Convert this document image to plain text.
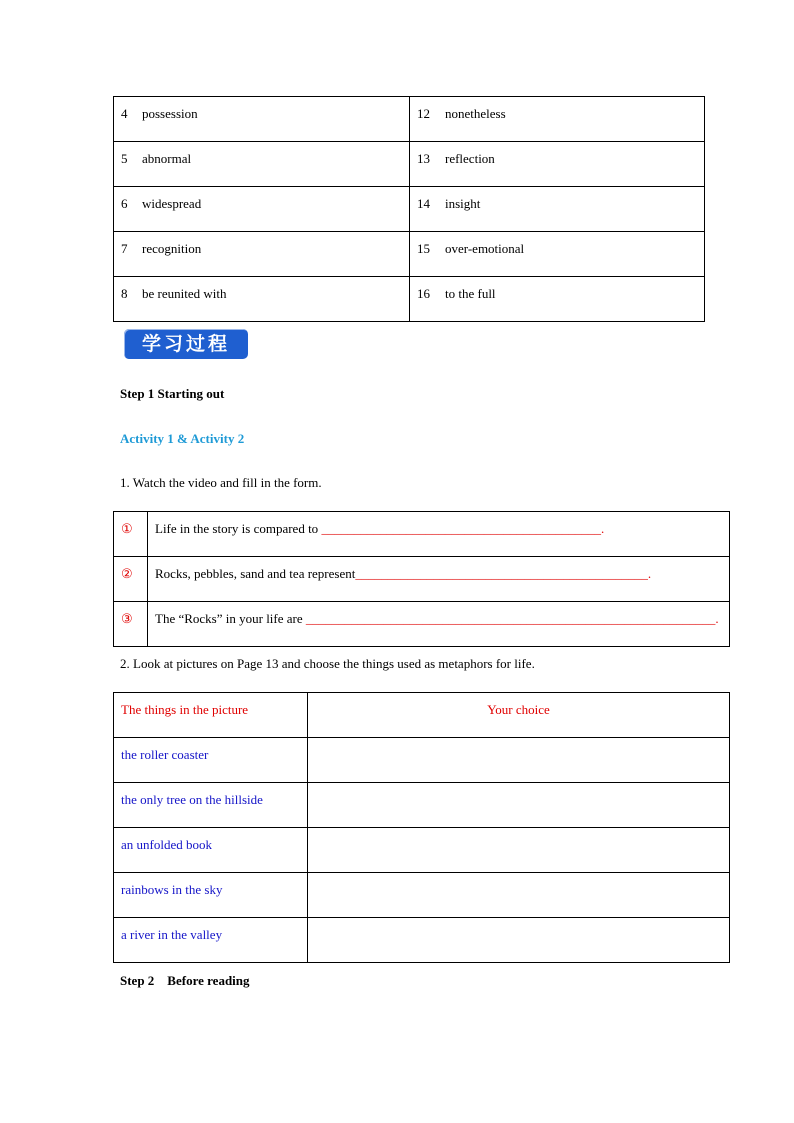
4 possession	12 nonetheless

5 abnormal	13 reflection

6 widespread	14 insight

7 recognition	15 over-emotional

8 be reunited with	16 to the full
学习过程
Step 1 Starting out
Activity 1 & Activity 2
1. Watch the video and fill in the form.
①	Life in the story is compared to ___________________________________________.

②	Rocks, pebbles, sand and tea represent_____________________________________________.

③	The “Rocks” in your life are _______________________________________________________________.
2. Look at pictures on Page 13 and choose the things used as metaphors for life.
The things in the picture	Your choice

the roller coaster	

the only tree on the hillside	

an unfolded book	

rainbows in the sky	

a river in the valley	

Step 2    Before reading
